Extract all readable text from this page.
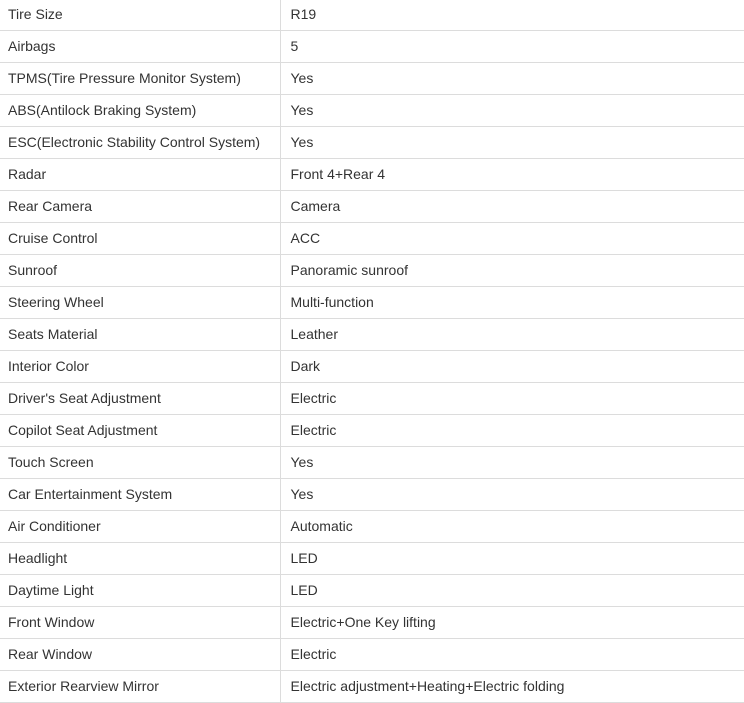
Tire Size	R19
Airbags	5
TPMS(Tire Pressure Monitor System)	Yes
ABS(Antilock Braking System)	Yes
ESC(Electronic Stability Control System)	Yes
Radar	Front 4+Rear 4
Rear Camera	Camera
Cruise Control	ACC
Sunroof	Panoramic sunroof
Steering Wheel	Multi-function
Seats Material	Leather
Interior Color	Dark
Driver's Seat Adjustment	Electric
Copilot Seat Adjustment	Electric
Touch Screen	Yes
Car Entertainment System	Yes
Air Conditioner	Automatic
Headlight	LED
Daytime Light	LED
Front Window	Electric+One Key lifting
Rear Window	Electric
Exterior Rearview Mirror	Electric adjustment+Heating+Electric folding
